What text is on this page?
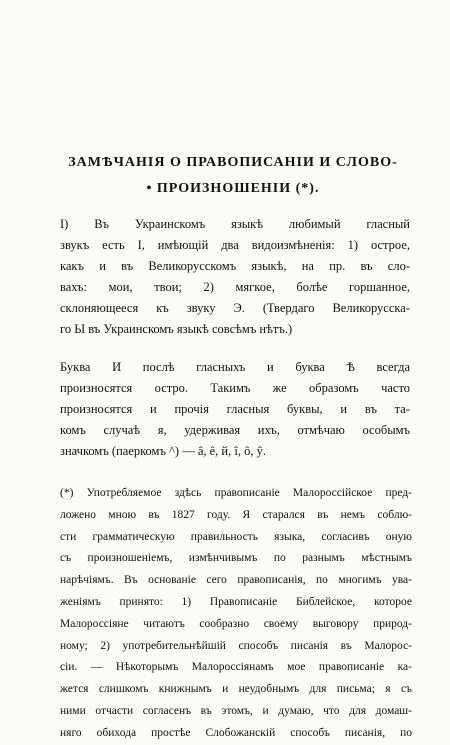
ЗАМѢЧАНІЯ О ПРАВОПИСАНІИ И СЛОВО-
• ПРОИЗНОШЕНІИ (*).
I) Въ Украинскомъ языкѣ любимый гласный
звукъ есть І, имѣющій два видоизмѣненія: 1) острое,
какъ и въ Великорусскомъ языкѣ, на пр. въ сло-
вахъ: мои, твои; 2) мягкое, болѣе горшанное,
склоняющееся къ звуку Э. (Твердаго Великорусска-
го Ы въ Украинскомъ языкѣ совсѣмъ нѣтъ.)
Буква И послѣ гласныхъ и буква Ѣ всегда
произносятся остро. Такимъ же образомъ часто
произносятся и прочія гласныя буквы, и въ та-
комъ случаѣ я, удерживая ихъ, отмѣчаю особымъ
значкомъ (паеркомъ ^) — â, ê, й, î, ô, ŷ.
(*) Употребляемое здѣсь правописаніе Малороссійское пред-
ложено мною въ 1827 году. Я старался въ немъ соблю-
сти грамматическую правильность языка, согласивъ оную
съ произношеніемъ, измѣнчивымъ по разнымъ мѣстнымъ
нарѣчіямъ. Въ основаніе сего правописанія, по многимъ ува-
женіямъ принято: 1) Правописаніе Библейское, которое
Малороссіяне читаютъ сообразно своему выговору природ-
ному; 2) употребительнѣйшій способъ писанія въ Малорос-
сіи. — Нѣкоторымъ Малороссіянамъ мое правописаніе ка-
жется слишкомъ книжнымъ и неудобнымъ для письма; я съ
ними отчасти согласенъ въ этомъ, и думаю, что для домаш-
няго обихода простѣе Слобожанскій способъ писанія, по
